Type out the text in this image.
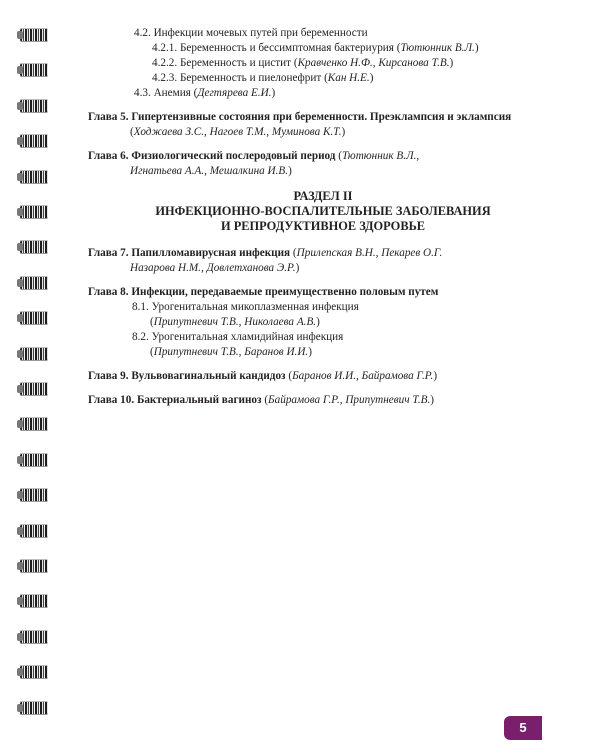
4.2. Инфекции мочевых путей при беременности
4.2.1. Беременность и бессимптомная бактериурия (Тютюнник В.Л.)
4.2.2. Беременность и цистит (Кравченко Н.Ф., Кирсанова Т.В.)
4.2.3. Беременность и пиелонефрит (Кан Н.Е.)
4.3. Анемия (Дегтярева Е.И.)
Глава 5. Гипертензивные состояния при беременности. Преэклампсия и эклампсия
(Ходжаева З.С., Нагоев Т.М., Муминова К.Т.)
Глава 6. Физиологический послеродовый период (Тютюнник В.Л.,
Игнатьева А.А., Мешалкина И.В.)
РАЗДЕЛ II
ИНФЕКЦИОННО-ВОСПАЛИТЕЛЬНЫЕ ЗАБОЛЕВАНИЯ
И РЕПРОДУКТИВНОЕ ЗДОРОВЬЕ
Глава 7. Папилломавирусная инфекция (Прилепская В.Н., Пекарев О.Г.
Назарова Н.М., Довлетханова Э.Р.)
Глава 8. Инфекции, передаваемые преимущественно половым путем
8.1. Урогенитальная микоплазменная инфекция
(Припутневич Т.В., Николаева А.В.)
8.2. Урогенитальная хламидийная инфекция
(Припутневич Т.В., Баранов И.И.)
Глава 9. Вульвовагинальный кандидоз (Баранов И.И., Байрамова Г.Р.)
Глава 10. Бактериальный вагиноз (Байрамова Г.Р., Припутневич Т.В.)
5
